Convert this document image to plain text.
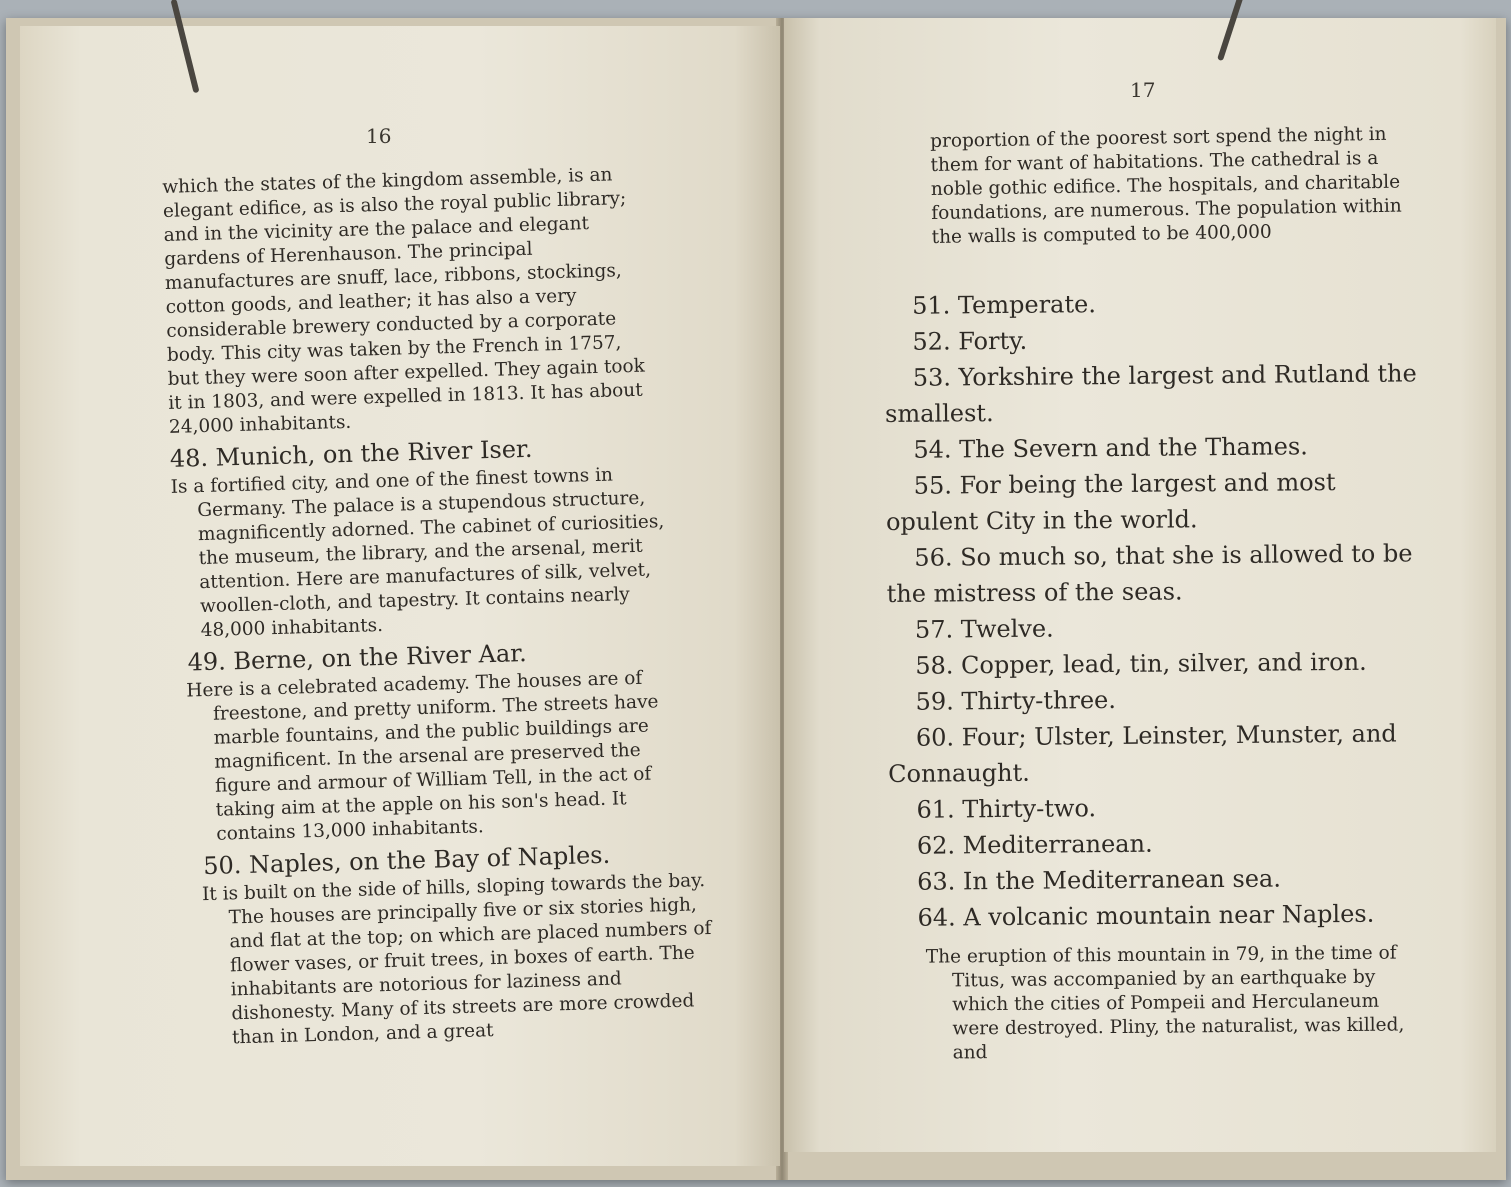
16

which the states of the kingdom assemble, is an elegant edifice, as is also the royal public library; and in the vicinity are the palace and elegant gardens of Herenhauson. The principal manufactures are snuff, lace, ribbons, stockings, cotton goods, and leather; it has also a very considerable brewery conducted by a corporate body. This city was taken by the French in 1757, but they were soon after expelled. They again took it in 1803, and were expelled in 1813. It has about 24,000 inhabitants.

48. Munich, on the River Iser.

Is a fortified city, and one of the finest towns in Germany. The palace is a stupendous structure, magnificently adorned. The cabinet of curiosities, the museum, the library, and the arsenal, merit attention. Here are manufactures of silk, velvet, woollen-cloth, and tapestry. It contains nearly 48,000 inhabitants.

49. Berne, on the River Aar.

Here is a celebrated academy. The houses are of freestone, and pretty uniform. The streets have marble fountains, and the public buildings are magnificent. In the arsenal are preserved the figure and armour of William Tell, in the act of taking aim at the apple on his son's head. It contains 13,000 inhabitants.

50. Naples, on the Bay of Naples.

It is built on the side of hills, sloping towards the bay. The houses are principally five or six stories high, and flat at the top; on which are placed numbers of flower vases, or fruit trees, in boxes of earth. The inhabitants are notorious for laziness and dishonesty. Many of its streets are more crowded than in London, and a great

17

proportion of the poorest sort spend the night in them for want of habitations. The cathedral is a noble gothic edifice. The hospitals, and charitable foundations, are numerous. The population within the walls is computed to be 400,000

51. Temperate.

52. Forty.

53. Yorkshire the largest and Rutland the smallest.

54. The Severn and the Thames.

55. For being the largest and most opulent City in the world.

56. So much so, that she is allowed to be the mistress of the seas.

57. Twelve.

58. Copper, lead, tin, silver, and iron.

59. Thirty-three.

60. Four; Ulster, Leinster, Munster, and Connaught.

61. Thirty-two.

62. Mediterranean.

63. In the Mediterranean sea.

64. A volcanic mountain near Naples.

The eruption of this mountain in 79, in the time of Titus, was accompanied by an earthquake by which the cities of Pompeii and Herculaneum were destroyed. Pliny, the naturalist, was killed, and
